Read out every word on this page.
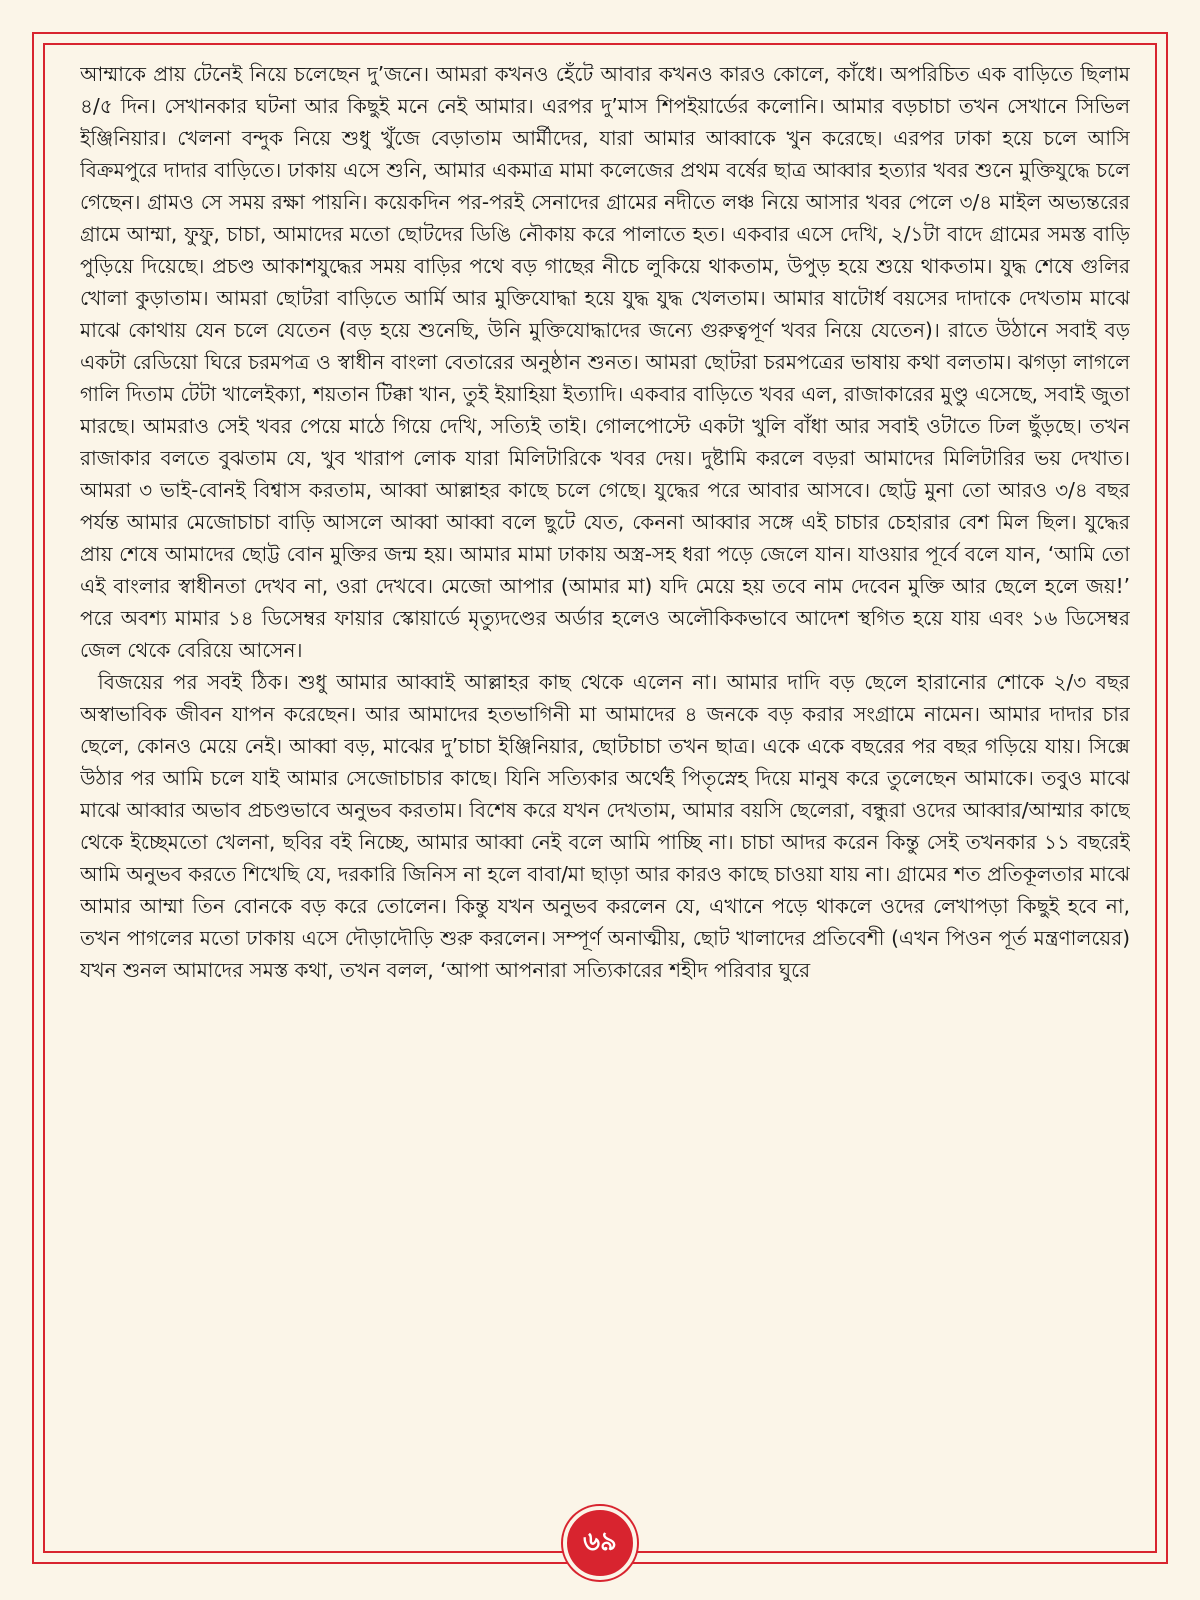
আম্মাকে প্রায় টেনেই নিয়ে চলেছেন দু’জনে। আমরা কখনও হেঁটে আবার কখনও কারও কোলে, কাঁধে। অপরিচিত এক বাড়িতে ছিলাম ৪/৫ দিন। সেখানকার ঘটনা আর কিছুই মনে নেই আমার। এরপর দু’মাস শিপইয়ার্ডের কলোনি। আমার বড়চাচা তখন সেখানে সিভিল ইঞ্জিনিয়ার। খেলনা বন্দুক নিয়ে শুধু খুঁজে বেড়াতাম আর্মীদের, যারা আমার আব্বাকে খুন করেছে। এরপর ঢাকা হয়ে চলে আসি বিক্রমপুরে দাদার বাড়িতে। ঢাকায় এসে শুনি, আমার একমাত্র মামা কলেজের প্রথম বর্ষের ছাত্র আব্বার হত্যার খবর শুনে মুক্তিযুদ্ধে চলে গেছেন। গ্রামও সে সময় রক্ষা পায়নি। কয়েকদিন পর-পরই সেনাদের গ্রামের নদীতে লঞ্চ নিয়ে আসার খবর পেলে ৩/৪ মাইল অভ্যন্তরের গ্রামে আম্মা, ফুফু, চাচা, আমাদের মতো ছোটদের ডিঙি নৌকায় করে পালাতে হত। একবার এসে দেখি, ২/১টা বাদে গ্রামের সমস্ত বাড়ি পুড়িয়ে দিয়েছে। প্রচণ্ড আকাশযুদ্ধের সময় বাড়ির পথে বড় গাছের নীচে লুকিয়ে থাকতাম, উপুড় হয়ে শুয়ে থাকতাম। যুদ্ধ শেষে গুলির খোলা কুড়াতাম। আমরা ছোটরা বাড়িতে আর্মি আর মুক্তিযোদ্ধা হয়ে যুদ্ধ যুদ্ধ খেলতাম। আমার ষাটোর্ধ বয়সের দাদাকে দেখতাম মাঝে মাঝে কোথায় যেন চলে যেতেন (বড় হয়ে শুনেছি, উনি মুক্তিযোদ্ধাদের জন্যে গুরুত্বপূর্ণ খবর নিয়ে যেতেন)। রাতে উঠানে সবাই বড় একটা রেডিয়ো ঘিরে চরমপত্র ও স্বাধীন বাংলা বেতারের অনুষ্ঠান শুনত। আমরা ছোটরা চরমপত্রের ভাষায় কথা বলতাম। ঝগড়া লাগলে গালি দিতাম টেটা খালেইক্যা, শয়তান টিক্কা খান, তুই ইয়াহিয়া ইত্যাদি। একবার বাড়িতে খবর এল, রাজাকারের মুণ্ডু এসেছে, সবাই জুতা মারছে। আমরাও সেই খবর পেয়ে মাঠে গিয়ে দেখি, সত্যিই তাই। গোলপোস্টে একটা খুলি বাঁধা আর সবাই ওটাতে ঢিল ছুঁড়ছে। তখন রাজাকার বলতে বুঝতাম যে, খুব খারাপ লোক যারা মিলিটারিকে খবর দেয়। দুষ্টামি করলে বড়রা আমাদের মিলিটারির ভয় দেখাত। আমরা ৩ ভাই-বোনই বিশ্বাস করতাম, আব্বা আল্লাহর কাছে চলে গেছে। যুদ্ধের পরে আবার আসবে। ছোট্ট মুনা তো আরও ৩/৪ বছর পর্যন্ত আমার মেজোচাচা বাড়ি আসলে আব্বা আব্বা বলে ছুটে যেত, কেননা আব্বার সঙ্গে এই চাচার চেহারার বেশ মিল ছিল। যুদ্ধের প্রায় শেষে আমাদের ছোট্ট বোন মুক্তির জন্ম হয়। আমার মামা ঢাকায় অস্ত্র-সহ ধরা পড়ে জেলে যান। যাওয়ার পূর্বে বলে যান, ‘আমি তো এই বাংলার স্বাধীনতা দেখব না, ওরা দেখবে। মেজো আপার (আমার মা) যদি মেয়ে হয় তবে নাম দেবেন মুক্তি আর ছেলে হলে জয়!’ পরে অবশ্য মামার ১৪ ডিসেম্বর ফায়ার স্কোয়ার্ডে মৃত্যুদণ্ডের অর্ডার হলেও অলৌকিকভাবে আদেশ স্থগিত হয়ে যায় এবং ১৬ ডিসেম্বর জেল থেকে বেরিয়ে আসেন।

বিজয়ের পর সবই ঠিক। শুধু আমার আব্বাই আল্লাহর কাছ থেকে এলেন না। আমার দাদি বড় ছেলে হারানোর শোকে ২/৩ বছর অস্বাভাবিক জীবন যাপন করেছেন। আর আমাদের হতভাগিনী মা আমাদের ৪ জনকে বড় করার সংগ্রামে নামেন। আমার দাদার চার ছেলে, কোনও মেয়ে নেই। আব্বা বড়, মাঝের দু’চাচা ইঞ্জিনিয়ার, ছোটচাচা তখন ছাত্র। একে একে বছরের পর বছর গড়িয়ে যায়। সিক্সে উঠার পর আমি চলে যাই আমার সেজোচাচার কাছে। যিনি সত্যিকার অর্থেই পিতৃস্নেহ দিয়ে মানুষ করে তুলেছেন আমাকে। তবুও মাঝে মাঝে আব্বার অভাব প্রচণ্ডভাবে অনুভব করতাম। বিশেষ করে যখন দেখতাম, আমার বয়সি ছেলেরা, বন্ধুরা ওদের আব্বার/আম্মার কাছে থেকে ইচ্ছেমতো খেলনা, ছবির বই নিচ্ছে, আমার আব্বা নেই বলে আমি পাচ্ছি না। চাচা আদর করেন কিন্তু সেই তখনকার ১১ বছরেই আমি অনুভব করতে শিখেছি যে, দরকারি জিনিস না হলে বাবা/মা ছাড়া আর কারও কাছে চাওয়া যায় না। গ্রামের শত প্রতিকূলতার মাঝে আমার আম্মা তিন বোনকে বড় করে তোলেন। কিন্তু যখন অনুভব করলেন যে, এখানে পড়ে থাকলে ওদের লেখাপড়া কিছুই হবে না, তখন পাগলের মতো ঢাকায় এসে দৌড়াদৌড়ি শুরু করলেন। সম্পূর্ণ অনাত্মীয়, ছোট খালাদের প্রতিবেশী (এখন পিওন পূর্ত মন্ত্রণালয়ের) যখন শুনল আমাদের সমস্ত কথা, তখন বলল, ‘আপা আপনারা সত্যিকারের শহীদ পরিবার ঘুরে

৬৯
